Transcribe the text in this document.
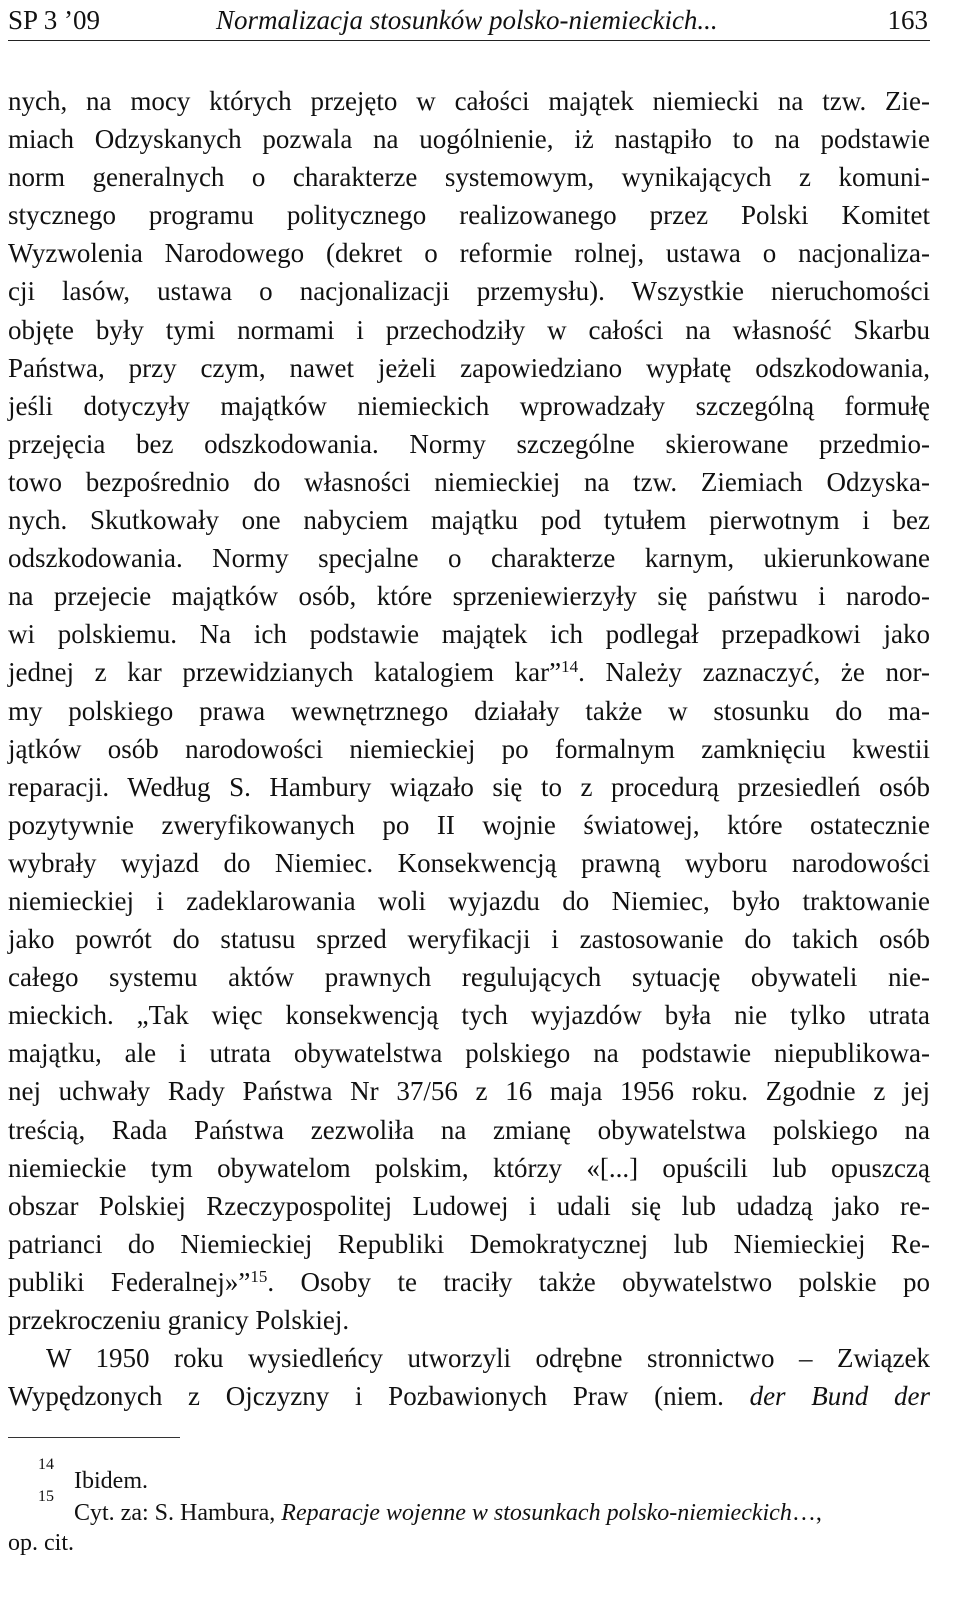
SP 3 ’09	Normalizacja stosunków polsko-niemieckich...	163
nych, na mocy których przejęto w całości majątek niemiecki na tzw. Zie-
miach Odzyskanych pozwala na uogólnienie, iż nastąpiło to na podstawie
norm generalnych o charakterze systemowym, wynikających z komuni-
stycznego programu politycznego realizowanego przez Polski Komitet
Wyzwolenia Narodowego (dekret o reformie rolnej, ustawa o nacjonaliza-
cji lasów, ustawa o nacjonalizacji przemysłu). Wszystkie nieruchomości
objęte były tymi normami i przechodziły w całości na własność Skarbu
Państwa, przy czym, nawet jeżeli zapowiedziano wypłatę odszkodowania,
jeśli dotyczyły majątków niemieckich wprowadzały szczególną formułę
przejęcia bez odszkodowania. Normy szczególne skierowane przedmio-
towo bezpośrednio do własności niemieckiej na tzw. Ziemiach Odzyska-
nych. Skutkowały one nabyciem majątku pod tytułem pierwotnym i bez
odszkodowania. Normy specjalne o charakterze karnym, ukierunkowane
na przejecie majątków osób, które sprzeniewierzyły się państwu i narodo-
wi polskiemu. Na ich podstawie majątek ich podlegał przepadkowi jako
jednej z kar przewidzianych katalogiem kar”$^{14}$. Należy zaznaczyć, że nor-
my polskiego prawa wewnętrznego działały także w stosunku do ma-
jątków osób narodowości niemieckiej po formalnym zamknięciu kwestii
reparacji. Według S. Hambury wiązało się to z procedurą przesiedleń osób
pozytywnie zweryfikowanych po II wojnie światowej, które ostatecznie
wybrały wyjazd do Niemiec. Konsekwencją prawną wyboru narodowości
niemieckiej i zadeklarowania woli wyjazdu do Niemiec, było traktowanie
jako powrót do statusu sprzed weryfikacji i zastosowanie do takich osób
całego systemu aktów prawnych regulujących sytuację obywateli nie-
mieckich. „Tak więc konsekwencją tych wyjazdów była nie tylko utrata
majątku, ale i utrata obywatelstwa polskiego na podstawie niepublikowa-
nej uchwały Rady Państwa Nr 37/56 z 16 maja 1956 roku. Zgodnie z jej
treścią, Rada Państwa zezwoliła na zmianę obywatelstwa polskiego na
niemieckie tym obywatelom polskim, którzy «[...] opuścili lub opuszczą
obszar Polskiej Rzeczypospolitej Ludowej i udali się lub udadzą jako re-
patrianci do Niemieckiej Republiki Demokratycznej lub Niemieckiej Re-
publiki Federalnej»”$^{15}$. Osoby te traciły także obywatelstwo polskie po
przekroczeniu granicy Polskiej.
W 1950 roku wysiedleńcy utworzyli odrębne stronnictwo – Związek
Wypędzonych z Ojczyzny i Pozbawionych Praw (niem. der Bund der
14
Ibidem.
15
Cyt. za: S. Hambura, Reparacje wojenne w stosunkach polsko-niemieckich…,
op. cit.
